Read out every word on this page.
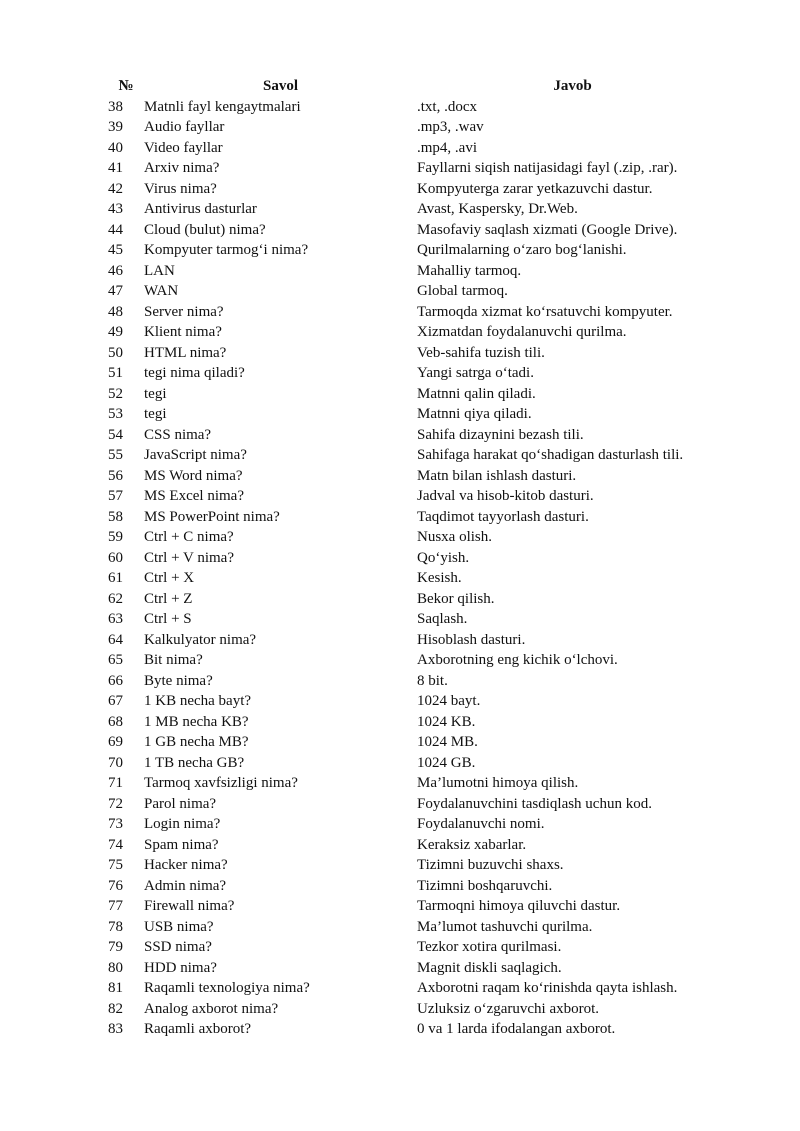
№	Savol	Javob
38	Matnli fayl kengaytmalari	.txt, .docx
39	Audio fayllar	.mp3, .wav
40	Video fayllar	.mp4, .avi
41	Arxiv nima?	Fayllarni siqish natijasidagi fayl (.zip, .rar).
42	Virus nima?	Kompyuterga zarar yetkazuvchi dastur.
43	Antivirus dasturlar	Avast, Kaspersky, Dr.Web.
44	Cloud (bulut) nima?	Masofaviy saqlash xizmati (Google Drive).
45	Kompyuter tarmog‘i nima?	Qurilmalarning o‘zaro bog‘lanishi.
46	LAN	Mahalliy tarmoq.
47	WAN	Global tarmoq.
48	Server nima?	Tarmoqda xizmat ko‘rsatuvchi kompyuter.
49	Klient nima?	Xizmatdan foydalanuvchi qurilma.
50	HTML nima?	Veb-sahifa tuzish tili.
51	tegi nima qiladi?	Yangi satrga o‘tadi.
52	tegi	Matnni qalin qiladi.
53	tegi	Matnni qiya qiladi.
54	CSS nima?	Sahifa dizaynini bezash tili.
55	JavaScript nima?	Sahifaga harakat qo‘shadigan dasturlash tili.
56	MS Word nima?	Matn bilan ishlash dasturi.
57	MS Excel nima?	Jadval va hisob-kitob dasturi.
58	MS PowerPoint nima?	Taqdimot tayyorlash dasturi.
59	Ctrl + C nima?	Nusxa olish.
60	Ctrl + V nima?	Qo‘yish.
61	Ctrl + X	Kesish.
62	Ctrl + Z	Bekor qilish.
63	Ctrl + S	Saqlash.
64	Kalkulyator nima?	Hisoblash dasturi.
65	Bit nima?	Axborotning eng kichik o‘lchovi.
66	Byte nima?	8 bit.
67	1 KB necha bayt?	1024 bayt.
68	1 MB necha KB?	1024 KB.
69	1 GB necha MB?	1024 MB.
70	1 TB necha GB?	1024 GB.
71	Tarmoq xavfsizligi nima?	Ma’lumotni himoya qilish.
72	Parol nima?	Foydalanuvchini tasdiqlash uchun kod.
73	Login nima?	Foydalanuvchi nomi.
74	Spam nima?	Keraksiz xabarlar.
75	Hacker nima?	Tizimni buzuvchi shaxs.
76	Admin nima?	Tizimni boshqaruvchi.
77	Firewall nima?	Tarmoqni himoya qiluvchi dastur.
78	USB nima?	Ma’lumot tashuvchi qurilma.
79	SSD nima?	Tezkor xotira qurilmasi.
80	HDD nima?	Magnit diskli saqlagich.
81	Raqamli texnologiya nima?	Axborotni raqam ko‘rinishda qayta ishlash.
82	Analog axborot nima?	Uzluksiz o‘zgaruvchi axborot.
83	Raqamli axborot?	0 va 1 larda ifodalangan axborot.
